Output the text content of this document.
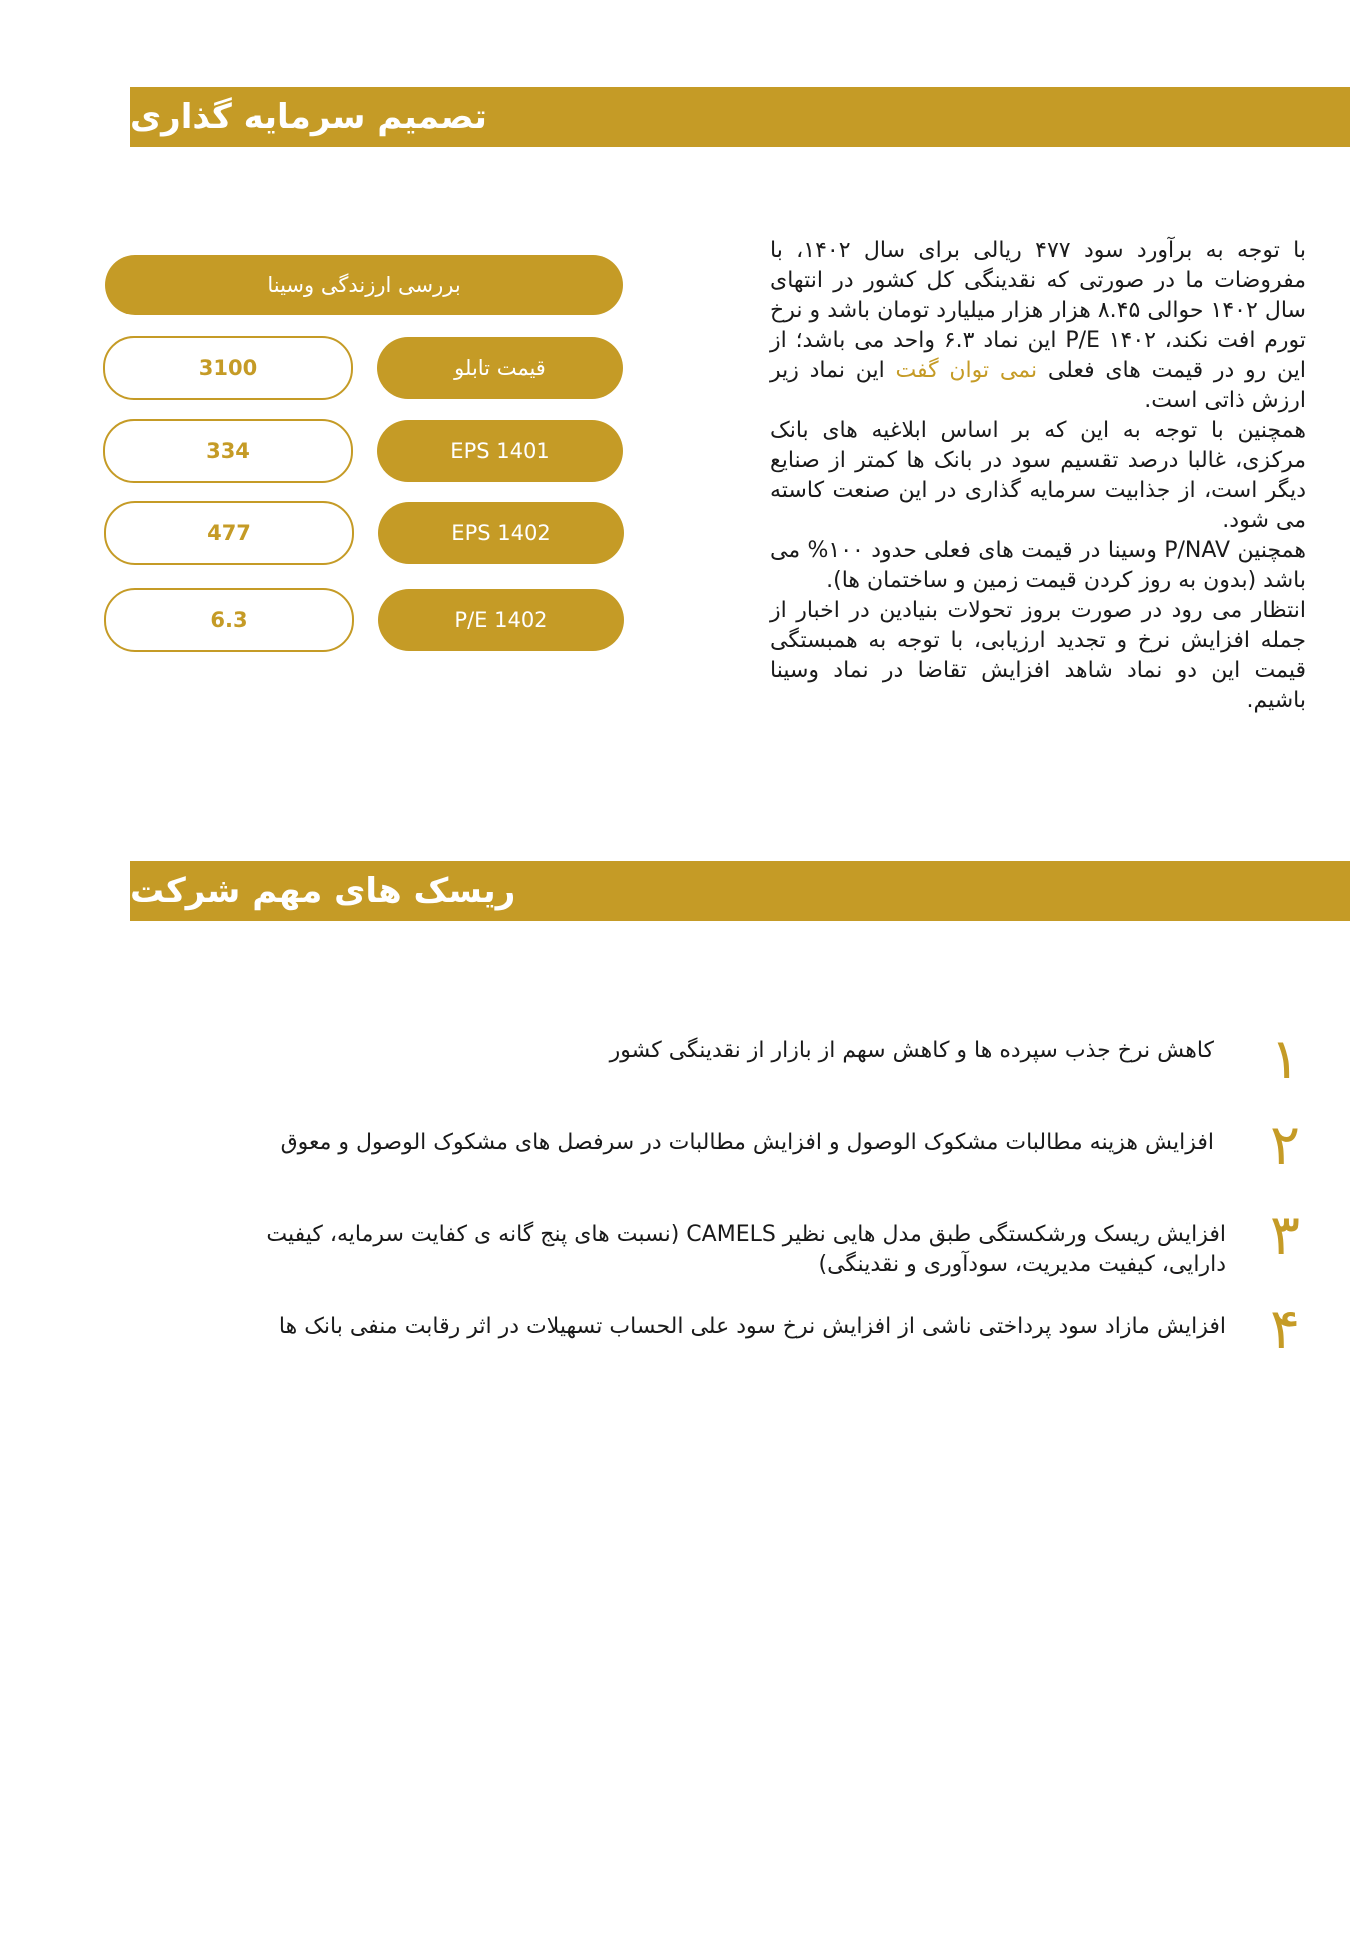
تصمیم سرمایه گذاری

با توجه به برآورد سود ۴۷۷ ریالی برای سال ۱۴۰۲، با مفروضات ما در صورتی که نقدینگی کل کشور در انتهای سال ۱۴۰۲ حوالی ۸.۴۵ هزار هزار میلیارد تومان باشد و نرخ تورم افت نکند، P/E ۱۴۰۲ این نماد ۶.۳ واحد می باشد؛ از این رو در قیمت های فعلی نمی توان گفت این نماد زیر ارزش ذاتی است.

همچنین با توجه به این که بر اساس ابلاغیه های بانک مرکزی، غالبا درصد تقسیم سود در بانک ها کمتر از صنایع دیگر است، از جذابیت سرمایه گذاری در این صنعت کاسته می شود.

همچنین P/NAV وسینا در قیمت های فعلی حدود ۱۰۰% می باشد (بدون به روز کردن قیمت زمین و ساختمان ها).

انتظار می رود در صورت بروز تحولات بنیادین در اخبار از جمله افزایش نرخ و تجدید ارزیابی، با توجه به همبستگی قیمت این دو نماد شاهد افزایش تقاضا در نماد وسینا باشیم.

بررسی ارزندگی وسینا
قیمت تابلو
3100
EPS 1401
334
EPS 1402
477
P/E 1402
6.3
ریسک های مهم شرکت
۱
کاهش نرخ جذب سپرده ها و کاهش سهم از بازار از نقدینگی کشور
۲
افزایش هزینه مطالبات مشکوک الوصول و افزایش مطالبات در سرفصل های مشکوک الوصول و معوق
۳
افزایش ریسک ورشکستگی طبق مدل هایی نظیر CAMELS (نسبت های پنج گانه ی کفایت سرمایه، کیفیت دارایی، کیفیت مدیریت، سودآوری و نقدینگی)
۴
افزایش مازاد سود پرداختی ناشی از افزایش نرخ سود علی الحساب تسهیلات در اثر رقابت منفی بانک ها
